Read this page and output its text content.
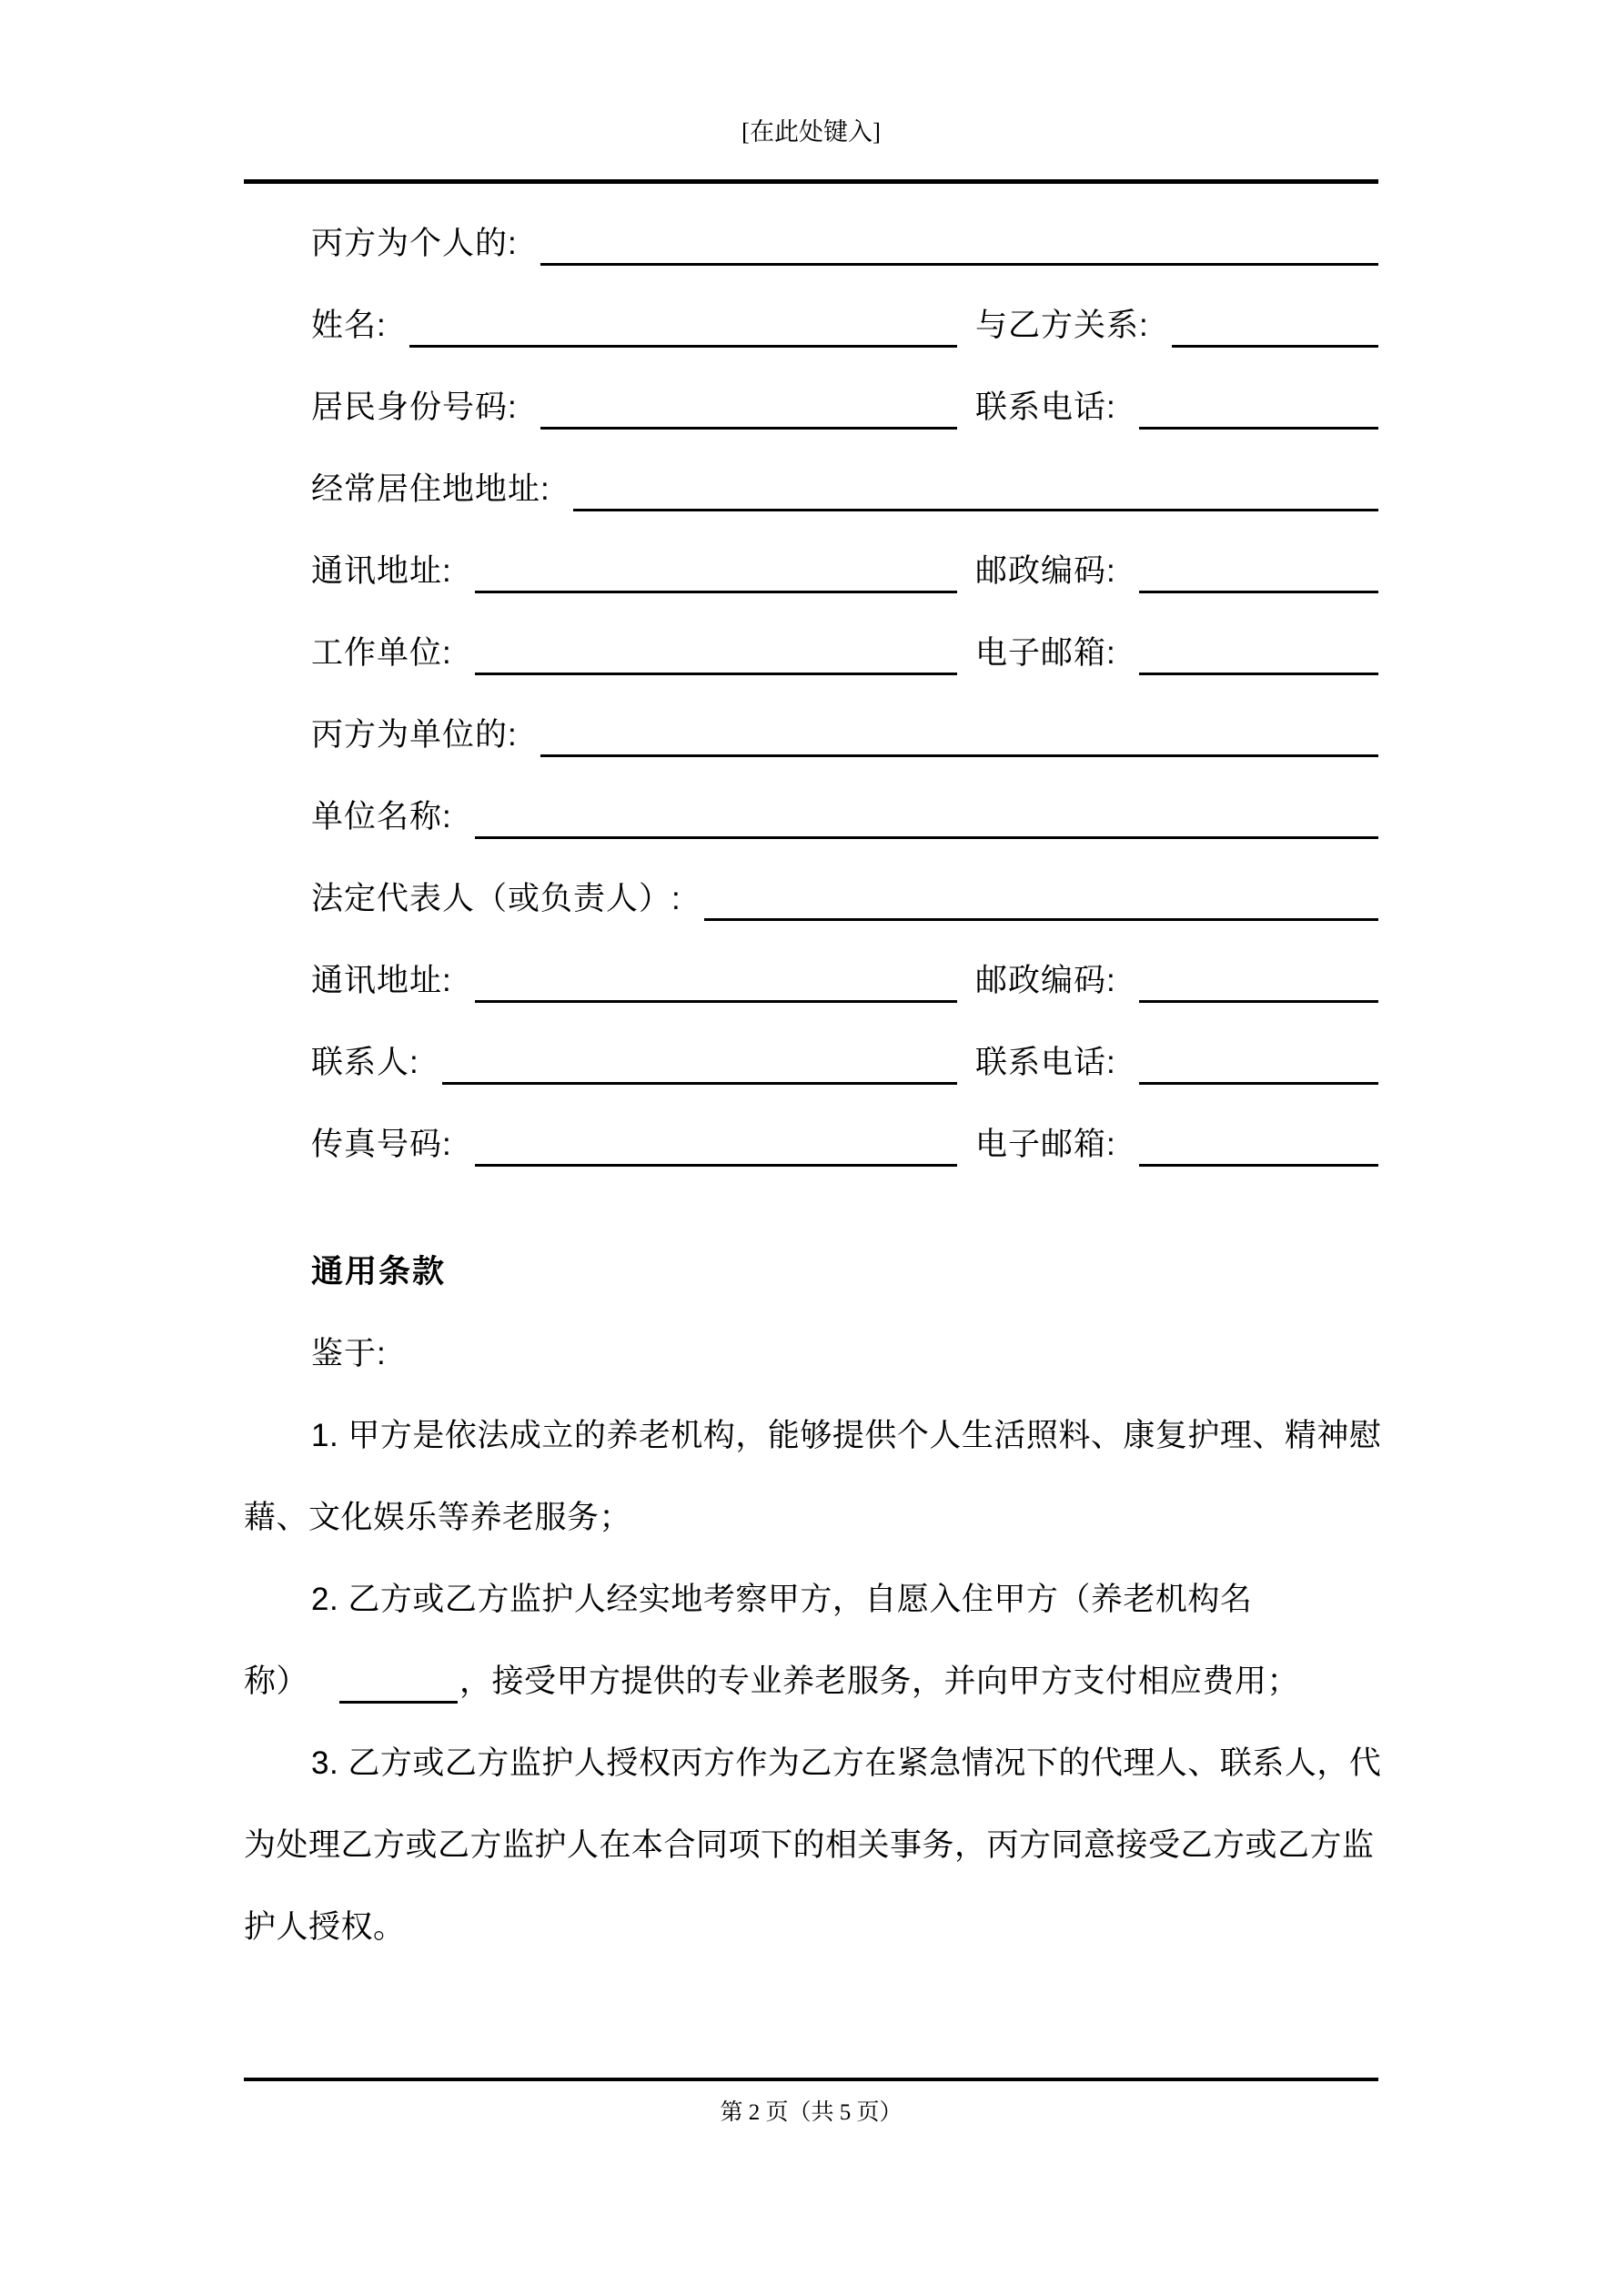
[在此处键入]
丙方为个人的:
姓名:	与乙方关系:
居民身份号码:	联系电话:
经常居住地地址:
通讯地址:	邮政编码:
工作单位:	电子邮箱:
丙方为单位的:
单位名称:
法定代表人（或负责人）:
通讯地址:	邮政编码:
联系人:	联系电话:
传真号码:	电子邮箱:
通用条款
鉴于:
1. 甲方是依法成立的养老机构，能够提供个人生活照料、康复护理、精神慰
藉、文化娱乐等养老服务；
2. 乙方或乙方监护人经实地考察甲方，自愿入住甲方（养老机构名
称）	，接受甲方提供的专业养老服务，并向甲方支付相应费用；
3. 乙方或乙方监护人授权丙方作为乙方在紧急情况下的代理人、联系人，代
为处理乙方或乙方监护人在本合同项下的相关事务，丙方同意接受乙方或乙方监
护人授权。
第 2 页（共 5 页）
